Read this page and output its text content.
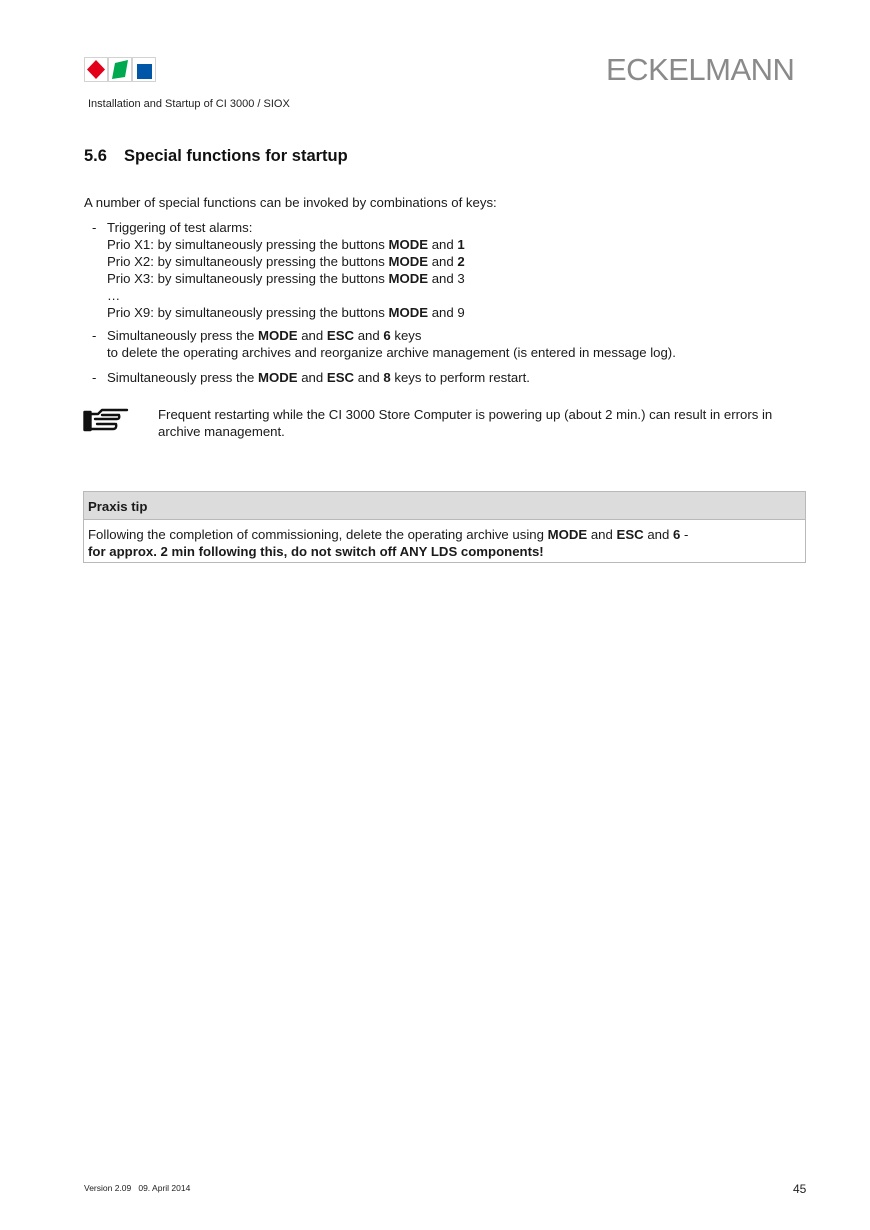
ECKELMANN
Installation and Startup of CI 3000 / SIOX
5.6 Special functions for startup
A number of special functions can be invoked by combinations of keys:
- Triggering of test alarms:
Prio X1: by simultaneously pressing the buttons MODE and 1
Prio X2: by simultaneously pressing the buttons MODE and 2
Prio X3: by simultaneously pressing the buttons MODE and 3
…
Prio X9: by simultaneously pressing the buttons MODE and 9
- Simultaneously press the MODE and ESC and 6 keys
to delete the operating archives and reorganize archive management (is entered in message log).
- Simultaneously press the MODE and ESC and 8 keys to perform restart.
Frequent restarting while the CI 3000 Store Computer is powering up (about 2 min.) can result in errors in archive management.
Praxis tip
Following the completion of commissioning, delete the operating archive using MODE and ESC and 6 -
for approx. 2 min following this, do not switch off ANY LDS components!
Version 2.09   09. April 2014	45
